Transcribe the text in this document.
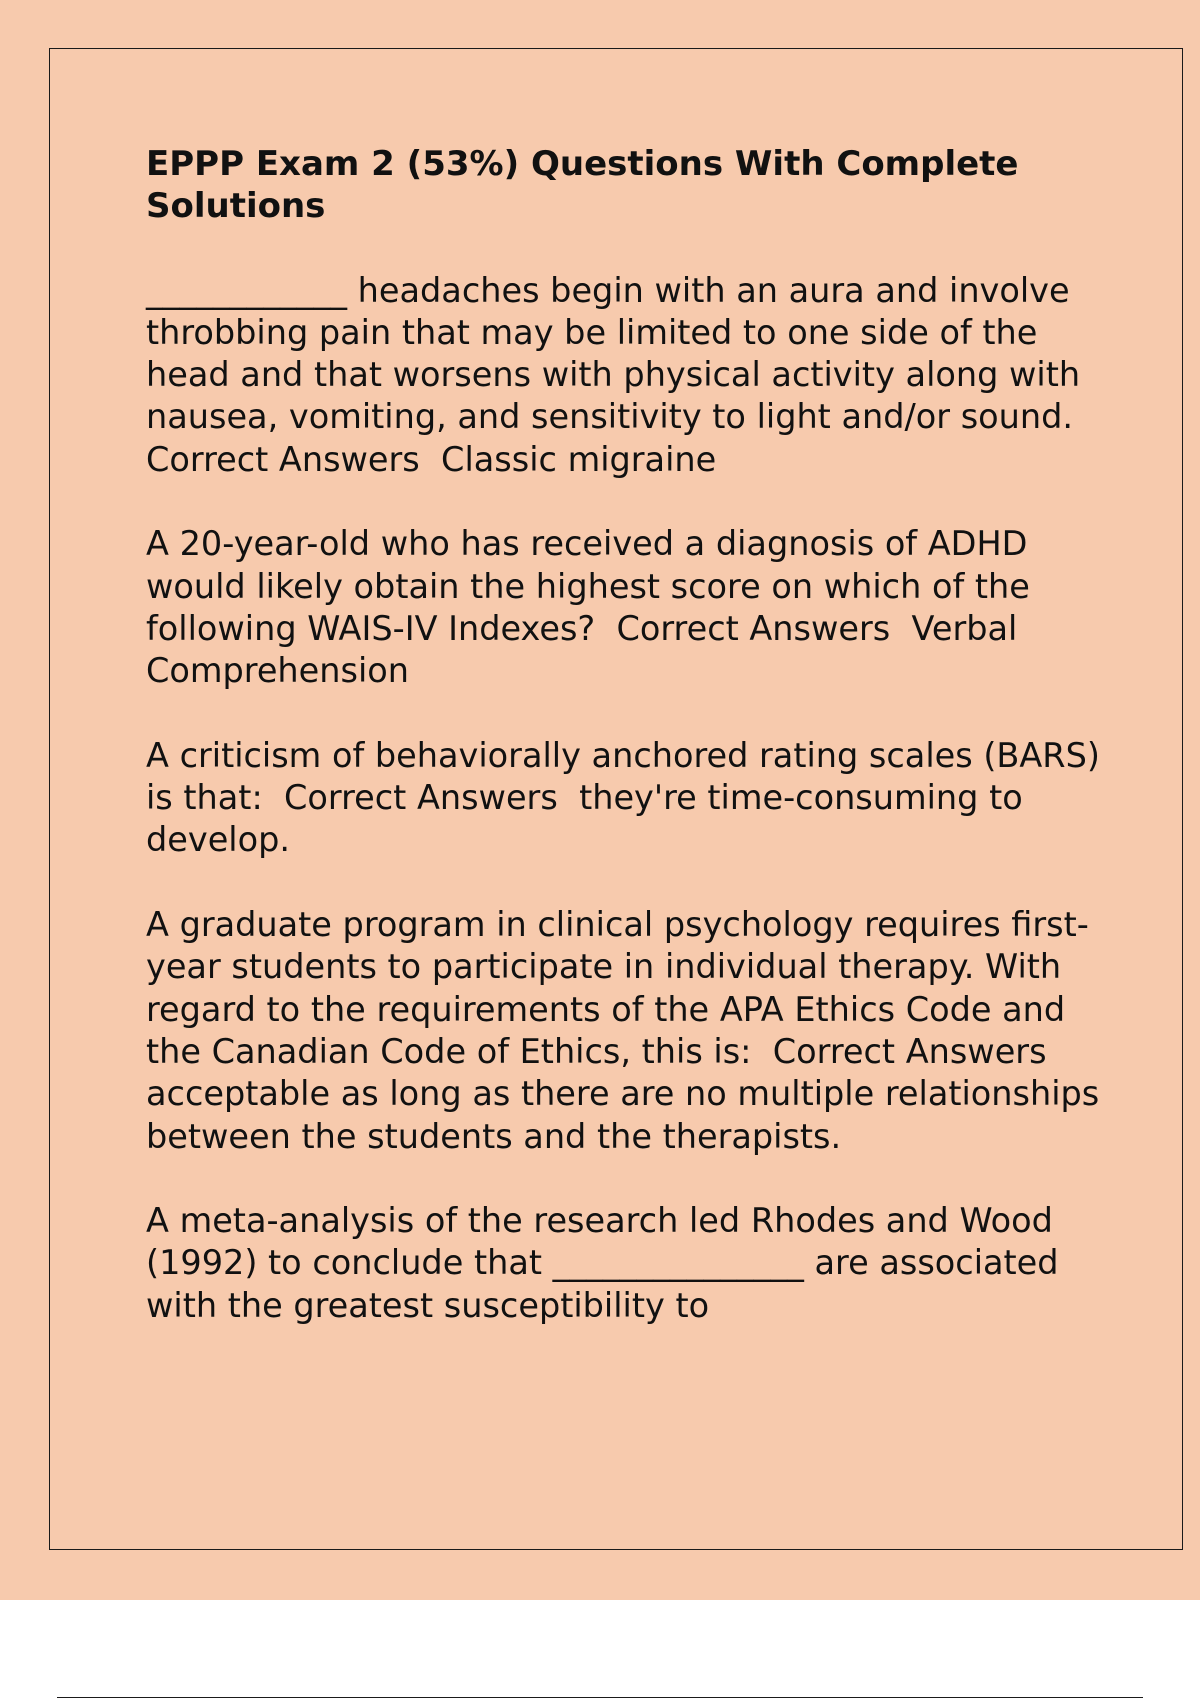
EPPP Exam 2 (53%) Questions With Complete Solutions

____________ headaches begin with an aura and involve throbbing pain that may be limited to one side of the head and that worsens with physical activity along with nausea, vomiting, and sensitivity to light and/or sound.  Correct Answers  Classic migraine

A 20-year-old who has received a diagnosis of ADHD would likely obtain the highest score on which of the following WAIS-IV Indexes?  Correct Answers  Verbal Comprehension

A criticism of behaviorally anchored rating scales (BARS) is that:  Correct Answers  they're time-consuming to develop.

A graduate program in clinical psychology requires first-year students to participate in individual therapy. With regard to the requirements of the APA Ethics Code and the Canadian Code of Ethics, this is:  Correct Answers  acceptable as long as there are no multiple relationships between the students and the therapists.

A meta-analysis of the research led Rhodes and Wood (1992) to conclude that _______________ are associated with the greatest susceptibility to
